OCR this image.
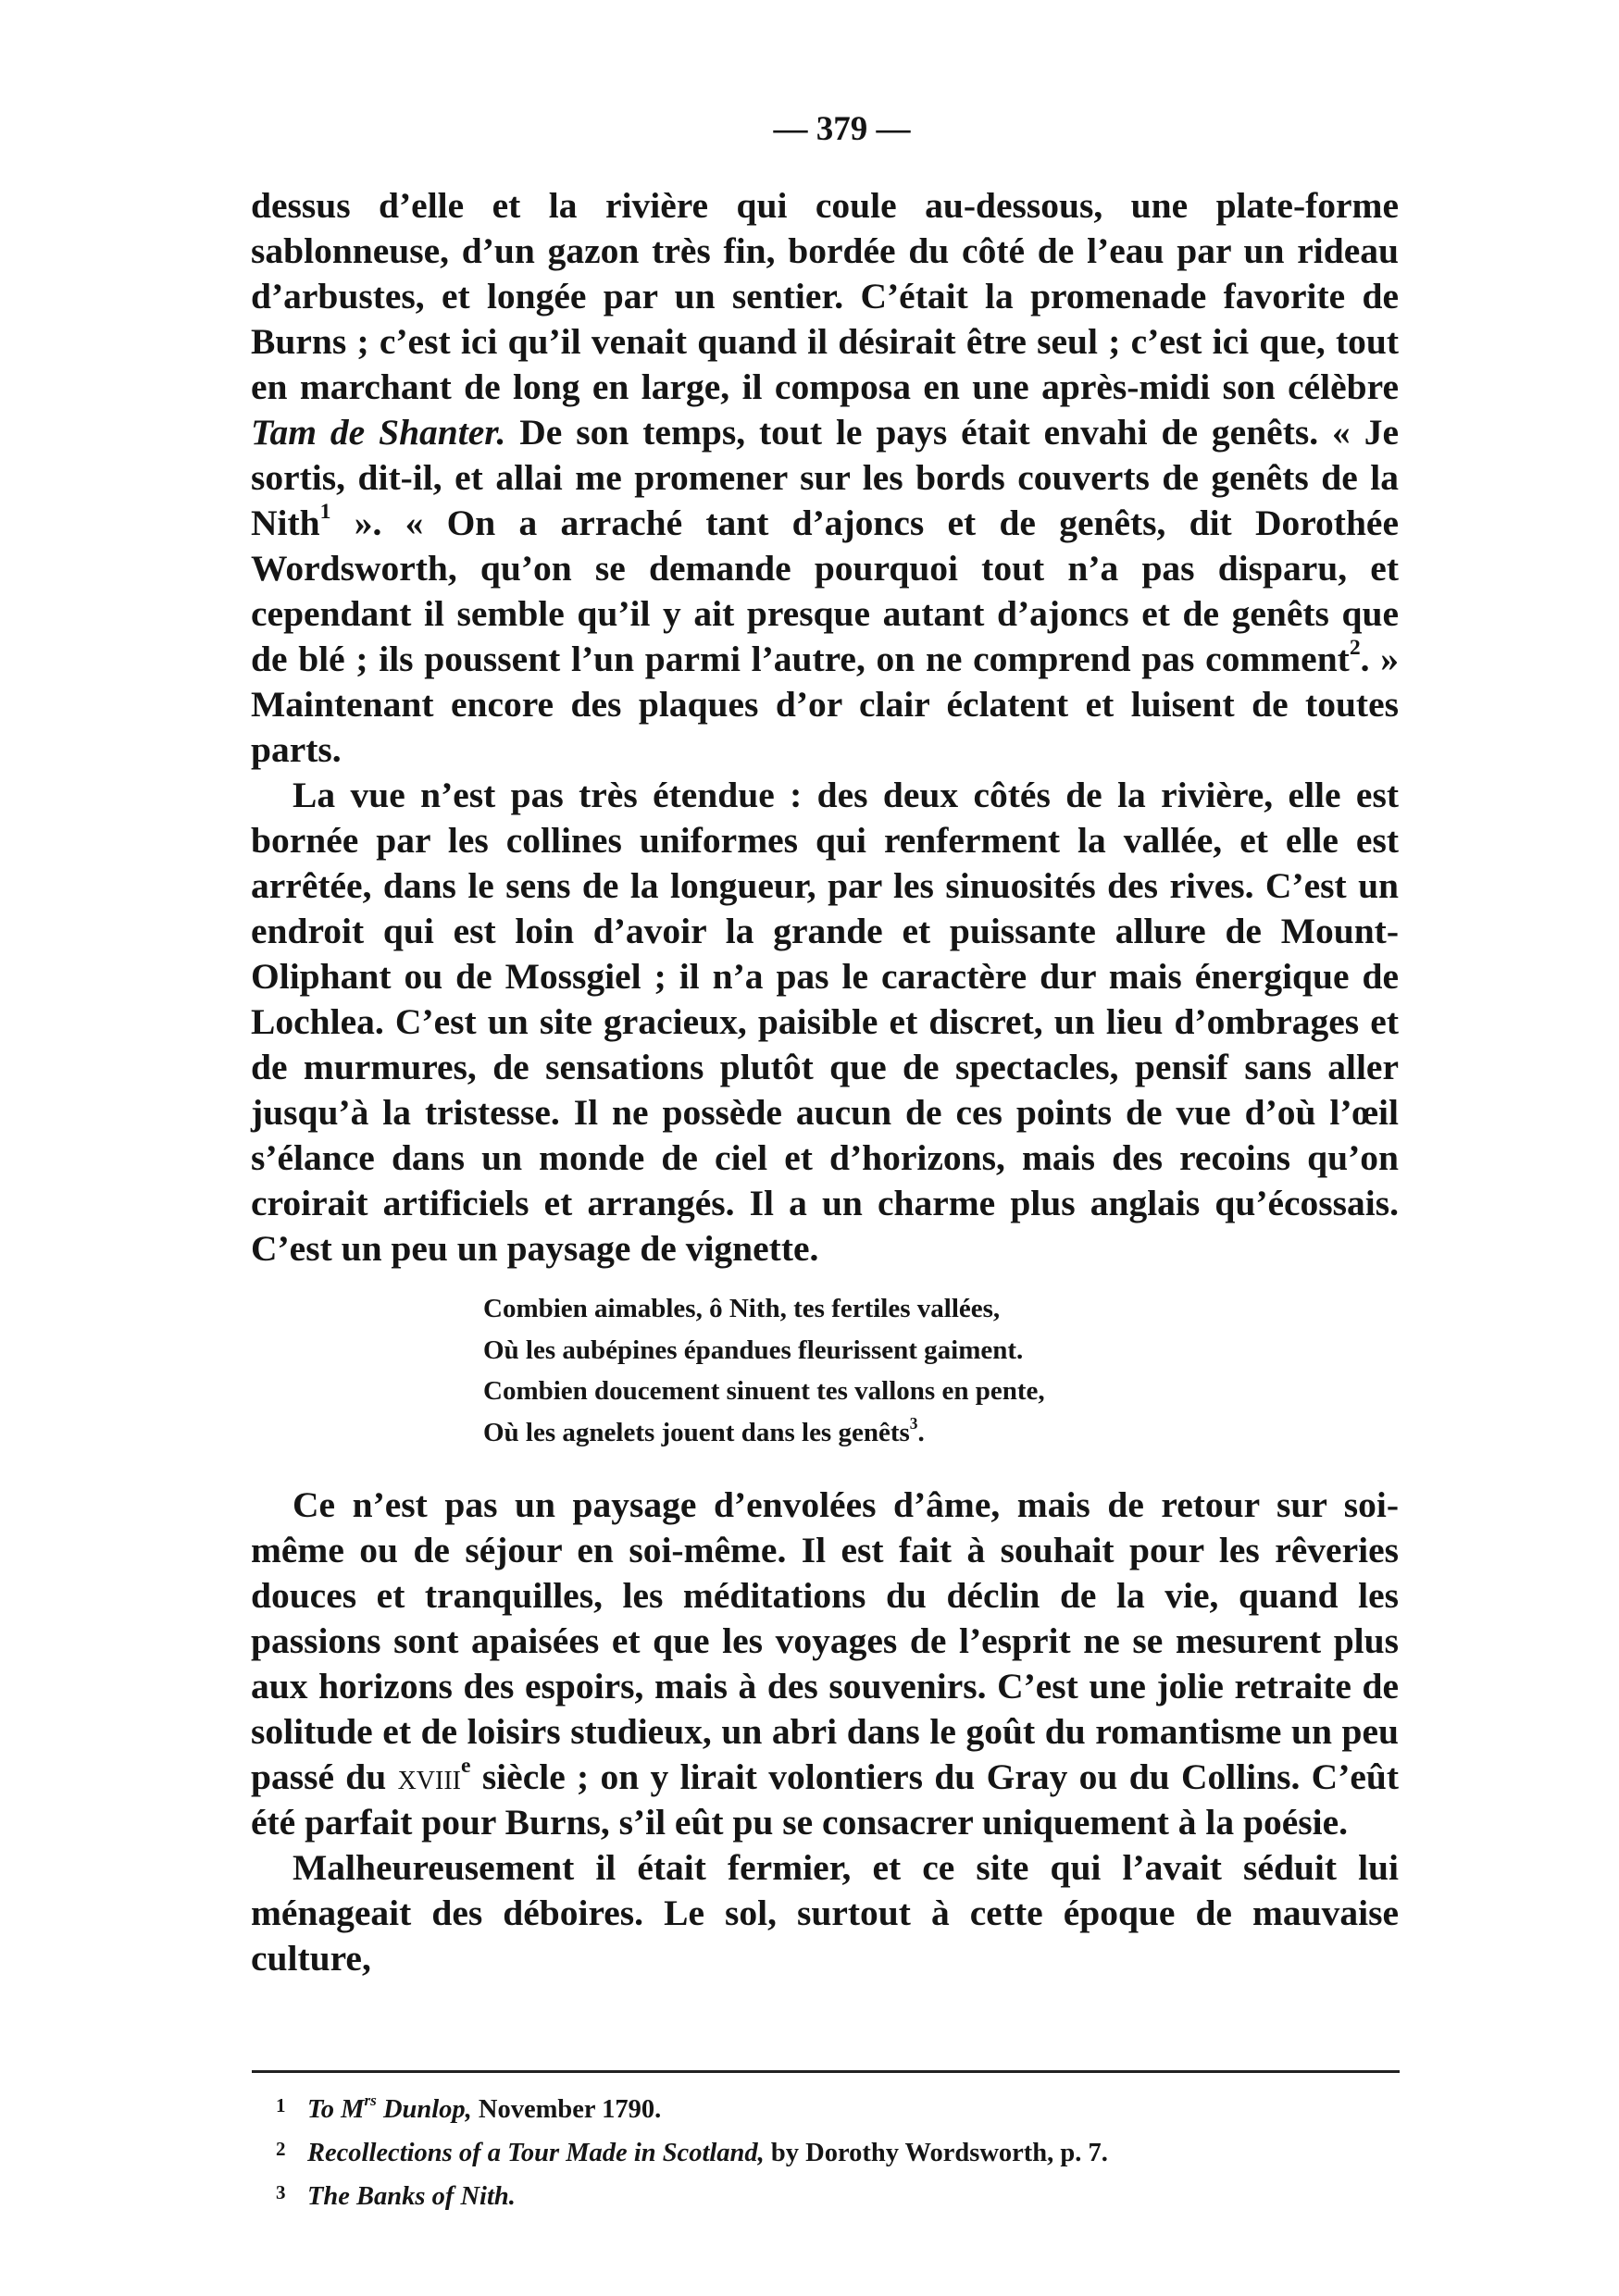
— 379 —

dessus d’elle et la rivière qui coule au-dessous, une plate-forme sablonneuse, d’un gazon très fin, bordée du côté de l’eau par un rideau d’arbustes, et longée par un sentier. C’était la promenade favorite de Burns ; c’est ici qu’il venait quand il désirait être seul ; c’est ici que, tout en marchant de long en large, il composa en une après-midi son célèbre Tam de Shanter. De son temps, tout le pays était envahi de genêts. « Je sortis, dit-il, et allai me promener sur les bords couverts de genêts de la Nith$^1$ ». « On a arraché tant d’ajoncs et de genêts, dit Dorothée Wordsworth, qu’on se demande pourquoi tout n’a pas disparu, et cependant il semble qu’il y ait presque autant d’ajoncs et de genêts que de blé ; ils poussent l’un parmi l’autre, on ne comprend pas comment$^2$. » Maintenant encore des plaques d’or clair éclatent et luisent de toutes parts.

La vue n’est pas très étendue : des deux côtés de la rivière, elle est bornée par les collines uniformes qui renferment la vallée, et elle est arrêtée, dans le sens de la longueur, par les sinuosités des rives. C’est un endroit qui est loin d’avoir la grande et puissante allure de Mount-Oliphant ou de Mossgiel ; il n’a pas le caractère dur mais énergique de Lochlea. C’est un site gracieux, paisible et discret, un lieu d’ombrages et de murmures, de sensations plutôt que de spectacles, pensif sans aller jusqu’à la tristesse. Il ne possède aucun de ces points de vue d’où l’œil s’élance dans un monde de ciel et d’horizons, mais des recoins qu’on croirait artificiels et arrangés. Il a un charme plus anglais qu’écossais. C’est un peu un paysage de vignette.

Combien aimables, ô Nith, tes fertiles vallées,
Où les aubépines épandues fleurissent gaiment.
Combien doucement sinuent tes vallons en pente,
Où les agnelets jouent dans les genêts$^3$.

Ce n’est pas un paysage d’envolées d’âme, mais de retour sur soi-même ou de séjour en soi-même. Il est fait à souhait pour les rêveries douces et tranquilles, les méditations du déclin de la vie, quand les passions sont apaisées et que les voyages de l’esprit ne se mesurent plus aux horizons des espoirs, mais à des souvenirs. C’est une jolie retraite de solitude et de loisirs studieux, un abri dans le goût du romantisme un peu passé du xviii$^e$ siècle ; on y lirait volontiers du Gray ou du Collins. C’eût été parfait pour Burns, s’il eût pu se consacrer uniquement à la poésie.

Malheureusement il était fermier, et ce site qui l’avait séduit lui ménageait des déboires. Le sol, surtout à cette époque de mauvaise culture,

1 To $M^{rs}$ Dunlop, November 1790.
2 Recollections of a Tour Made in Scotland, by Dorothy Wordsworth, p. 7.
3 The Banks of Nith.
